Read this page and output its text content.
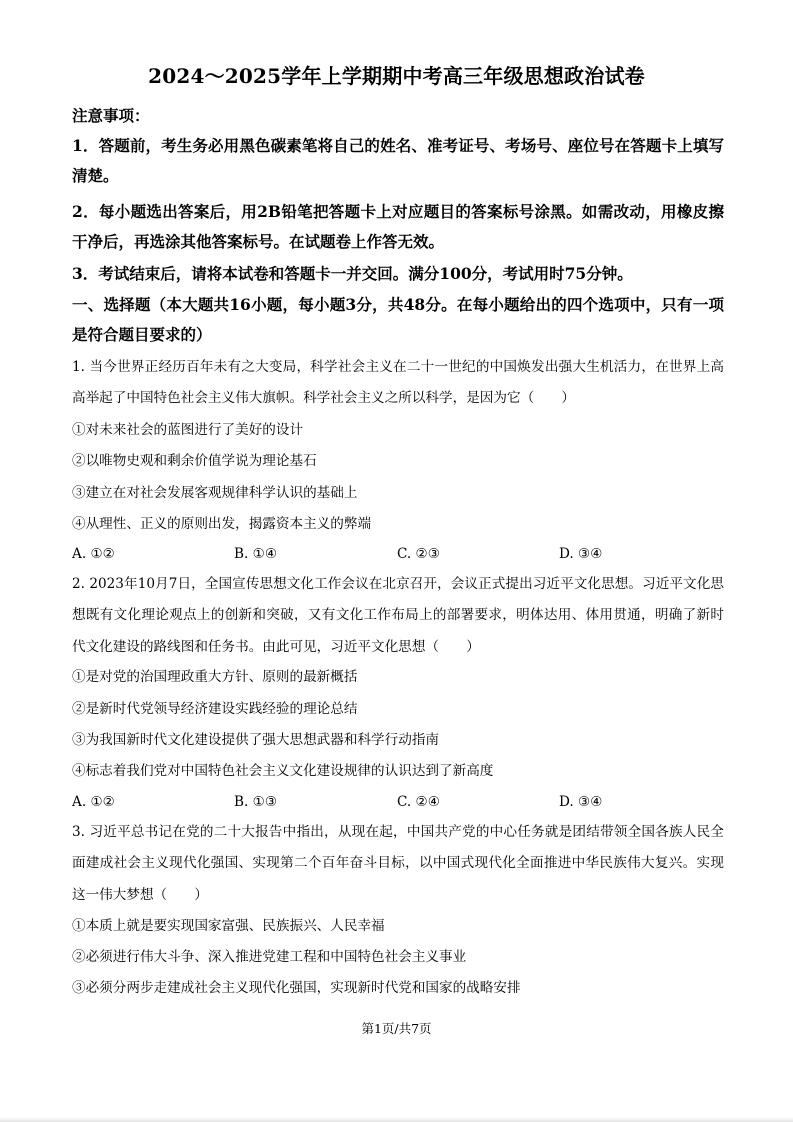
2024～2025学年上学期期中考高三年级思想政治试卷
注意事项：
1．答题前，考生务必用黑色碳素笔将自己的姓名、准考证号、考场号、座位号在答题卡上填写清楚。
2．每小题选出答案后，用2B铅笔把答题卡上对应题目的答案标号涂黑。如需改动，用橡皮擦干净后，再选涂其他答案标号。在试题卷上作答无效。
3．考试结束后，请将本试卷和答题卡一并交回。满分100分，考试用时75分钟。
一、选择题（本大题共16小题，每小题3分，共48分。在每小题给出的四个选项中，只有一项是符合题目要求的）
1. 当今世界正经历百年未有之大变局，科学社会主义在二十一世纪的中国焕发出强大生机活力，在世界上高高举起了中国特色社会主义伟大旗帜。科学社会主义之所以科学，是因为它（　　）
①对未来社会的蓝图进行了美好的设计
②以唯物史观和剩余价值学说为理论基石
③建立在对社会发展客观规律科学认识的基础上
④从理性、正义的原则出发，揭露资本主义的弊端
A. ①②	B. ①④	C. ②③	D. ③④
2. 2023年10月7日，全国宣传思想文化工作会议在北京召开，会议正式提出习近平文化思想。习近平文化思想既有文化理论观点上的创新和突破，又有文化工作布局上的部署要求，明体达用、体用贯通，明确了新时代文化建设的路线图和任务书。由此可见，习近平文化思想（　　）
①是对党的治国理政重大方针、原则的最新概括
②是新时代党领导经济建设实践经验的理论总结
③为我国新时代文化建设提供了强大思想武器和科学行动指南
④标志着我们党对中国特色社会主义文化建设规律的认识达到了新高度
A. ①②	B. ①③	C. ②④	D. ③④
3. 习近平总书记在党的二十大报告中指出，从现在起，中国共产党的中心任务就是团结带领全国各族人民全面建成社会主义现代化强国、实现第二个百年奋斗目标，以中国式现代化全面推进中华民族伟大复兴。实现这一伟大梦想（　　）
①本质上就是要实现国家富强、民族振兴、人民幸福
②必须进行伟大斗争、深入推进党建工程和中国特色社会主义事业
③必须分两步走建成社会主义现代化强国，实现新时代党和国家的战略安排
第1页/共7页
